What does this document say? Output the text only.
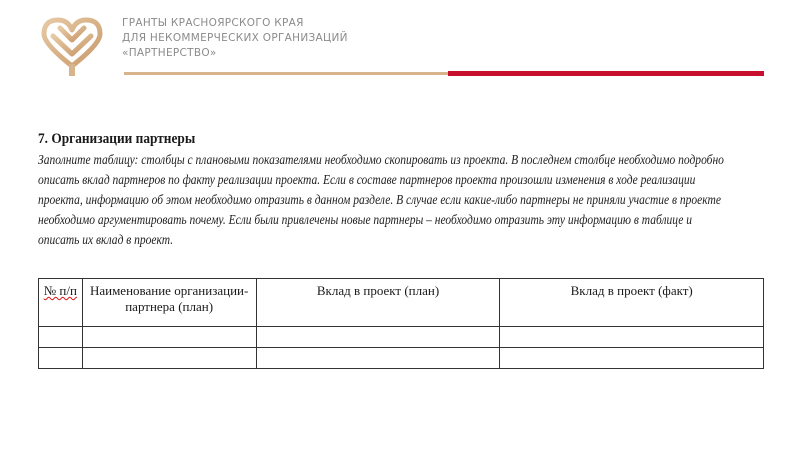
ГРАНТЫ КРАСНОЯРСКОГО КРАЯ
ДЛЯ НЕКОММЕРЧЕСКИХ ОРГАНИЗАЦИЙ
«ПАРТНЕРСТВО»
7. Организации партнеры
Заполните таблицу: столбцы с плановыми показателями необходимо скопировать из проекта. В последнем столбце необходимо подробно
описать вклад партнеров по факту реализации проекта. Если в составе партнеров проекта произошли изменения в ходе реализации
проекта, информацию об этом необходимо отразить в данном разделе. В случае если какие-либо партнеры не приняли участие в проекте
необходимо аргументировать почему. Если были привлечены новые партнеры – необходимо отразить эту информацию в таблице и
описать их вклад в проект.
№ п/п	Наименование организации-партнера (план)	Вклад в проект (план)	Вклад в проект (факт)
